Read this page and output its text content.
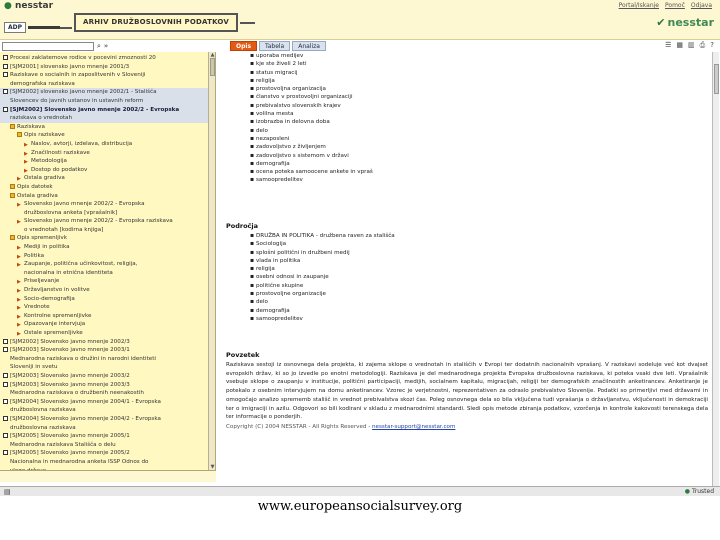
● nesstar
ADP
ARHIV DRUŽBOSLOVNIH PODATKOV
Portal/Iskanje Pomoč Odjava
✔ nesstar
⌕ »	Opis	Tabela	Analiza	☰ ▦ ▥ ⎙ ?
Procesi zaklatemove rodice v pocevini zmoznosti 20
[SJM2001] slovensko javno mnenje 2001/3
Raziskave o socialnih in zaposlitvenih v Sloveniji
demografska raziskava
[SJM2002] slovensko javno mnenje 2002/1 - Stališča
Slovencev do javnih ustanov in ustavnih reform
[SJM2002] Slovensko javno mnenje 2002/2 - Evropska
raziskava o vrednotah
Raziskava
Opis raziskave
▶ Naslov, avtorji, izdelava, distribucija
▶ Značilnosti raziskave
▶ Metodologija
▶ Dostop do podatkov
▶ Ostala gradiva
Opis datotek
Ostala gradiva
▶ Slovensko javno mnenje 2002/2 - Evropska
družboslovna anketa [vprašalnik]
▶ Slovensko javno mnenje 2002/2 - Evropska raziskava
o vrednotah [kodirna knjiga]
Opis spremenljivk
▶ Mediji in politika
▶ Politika
▶ Zaupanje, politična učinkovitost, religija,
nacionalna in etnična identiteta
▶ Priseljevanje
▶ Državljanstvo in volitve
▶ Socio-demografija
▶ Vrednote
▶ Kontrolne spremenljivke
▶ Opazovanje intervjuja
▶ Ostale spremenljivke
[SJM2002] Slovensko javno mnenje 2002/3
[SJM2003] Slovensko javno mnenje 2003/1
Mednarodna raziskava o družini in narodni identiteti
Sloveniji in svetu
[SJM2003] Slovensko javno mnenje 2003/2
[SJM2003] Slovensko javno mnenje 2003/3
Mednarodna raziskava o družbenih neenakostih
[SJM2004] Slovensko javno mnenje 2004/1 - Evropska
družboslovna raziskava
[SJM2004] Slovensko javno mnenje 2004/2 - Evropska
družboslovna raziskava
[SJM2005] Slovensko javno mnenje 2005/1
Mednarodna raziskava Stališča o delu
[SJM2005] Slovensko javno mnenje 2005/2
Nacionalna in mednarodna anketa ISSP Odnos do
▲
▼
▪ uporaba medijev
▪ kje ste živeli 2 leti
▪ status migracij
▪ religija
▪ prostovoljna organizacija
▪ članstvo v prostovoljni organizaciji
▪ prebivalstvo slovenskih krajev
▪ volilna mesta
▪ izobrazba in delovna doba
▪ delo
▪ nezaposleni
▪ zadovoljstvo z življenjem
▪ zadovoljstvo s sistemom v državi
▪ demografija
▪ ocena poteka samoocene ankete in vpraš
▪ samoopredelitev
Področja
▪ DRUŽBA IN POLITIKA - družbena raven za stališča
▪ Sociologija
▪ splošni politični in družbeni medij
▪ vlada in politika
▪ religija
▪ osebni odnosi in zaupanje
▪ politične skupine
▪ prostovoljne organizacije
▪ delo
▪ demografija
▪ samoopredelitev
Povzetek
Raziskava sestoji iz osnovnega dela projekta, ki zajema sklope o vrednotah in stališčih v Evropi ter dodatnih nacionalnih vprašanj. V raziskavi sodeluje več kot dvajset evropskih držav, ki so jo izvedle po enotni metodologiji. Raziskava je del mednarodnega projekta Evropska družboslovna raziskava, ki poteka vsaki dve leti. Vprašalnik vsebuje sklope o zaupanju v institucije, politični participaciji, medijih, socialnem kapitalu, migracijah, religiji ter demografskih značilnostih anketirancev. Anketiranje je potekalo z osebnim intervjujem na domu anketirancev. Vzorec je verjetnostni, reprezentativen za odraslo prebivalstvo Slovenije. Podatki so primerljivi med državami in omogočajo analizo sprememb stališč in vrednot prebivalstva skozi čas. Poleg osnovnega dela so bila vključena tudi vprašanja o državljanstvu, vključenosti in demokraciji ter o imigraciji in azilu. Odgovori so bili kodirani v skladu z mednarodnimi standardi. Sledi opis metode zbiranja podatkov, vzorčenja in kontrole kakovosti terenskega dela ter informacije o ponderjih.
Copyright (C) 2004 NESSTAR - All Rights Reserved - nesstar-support@nesstar.com
▤	● Trusted
www.europeansocialsurvey.org
